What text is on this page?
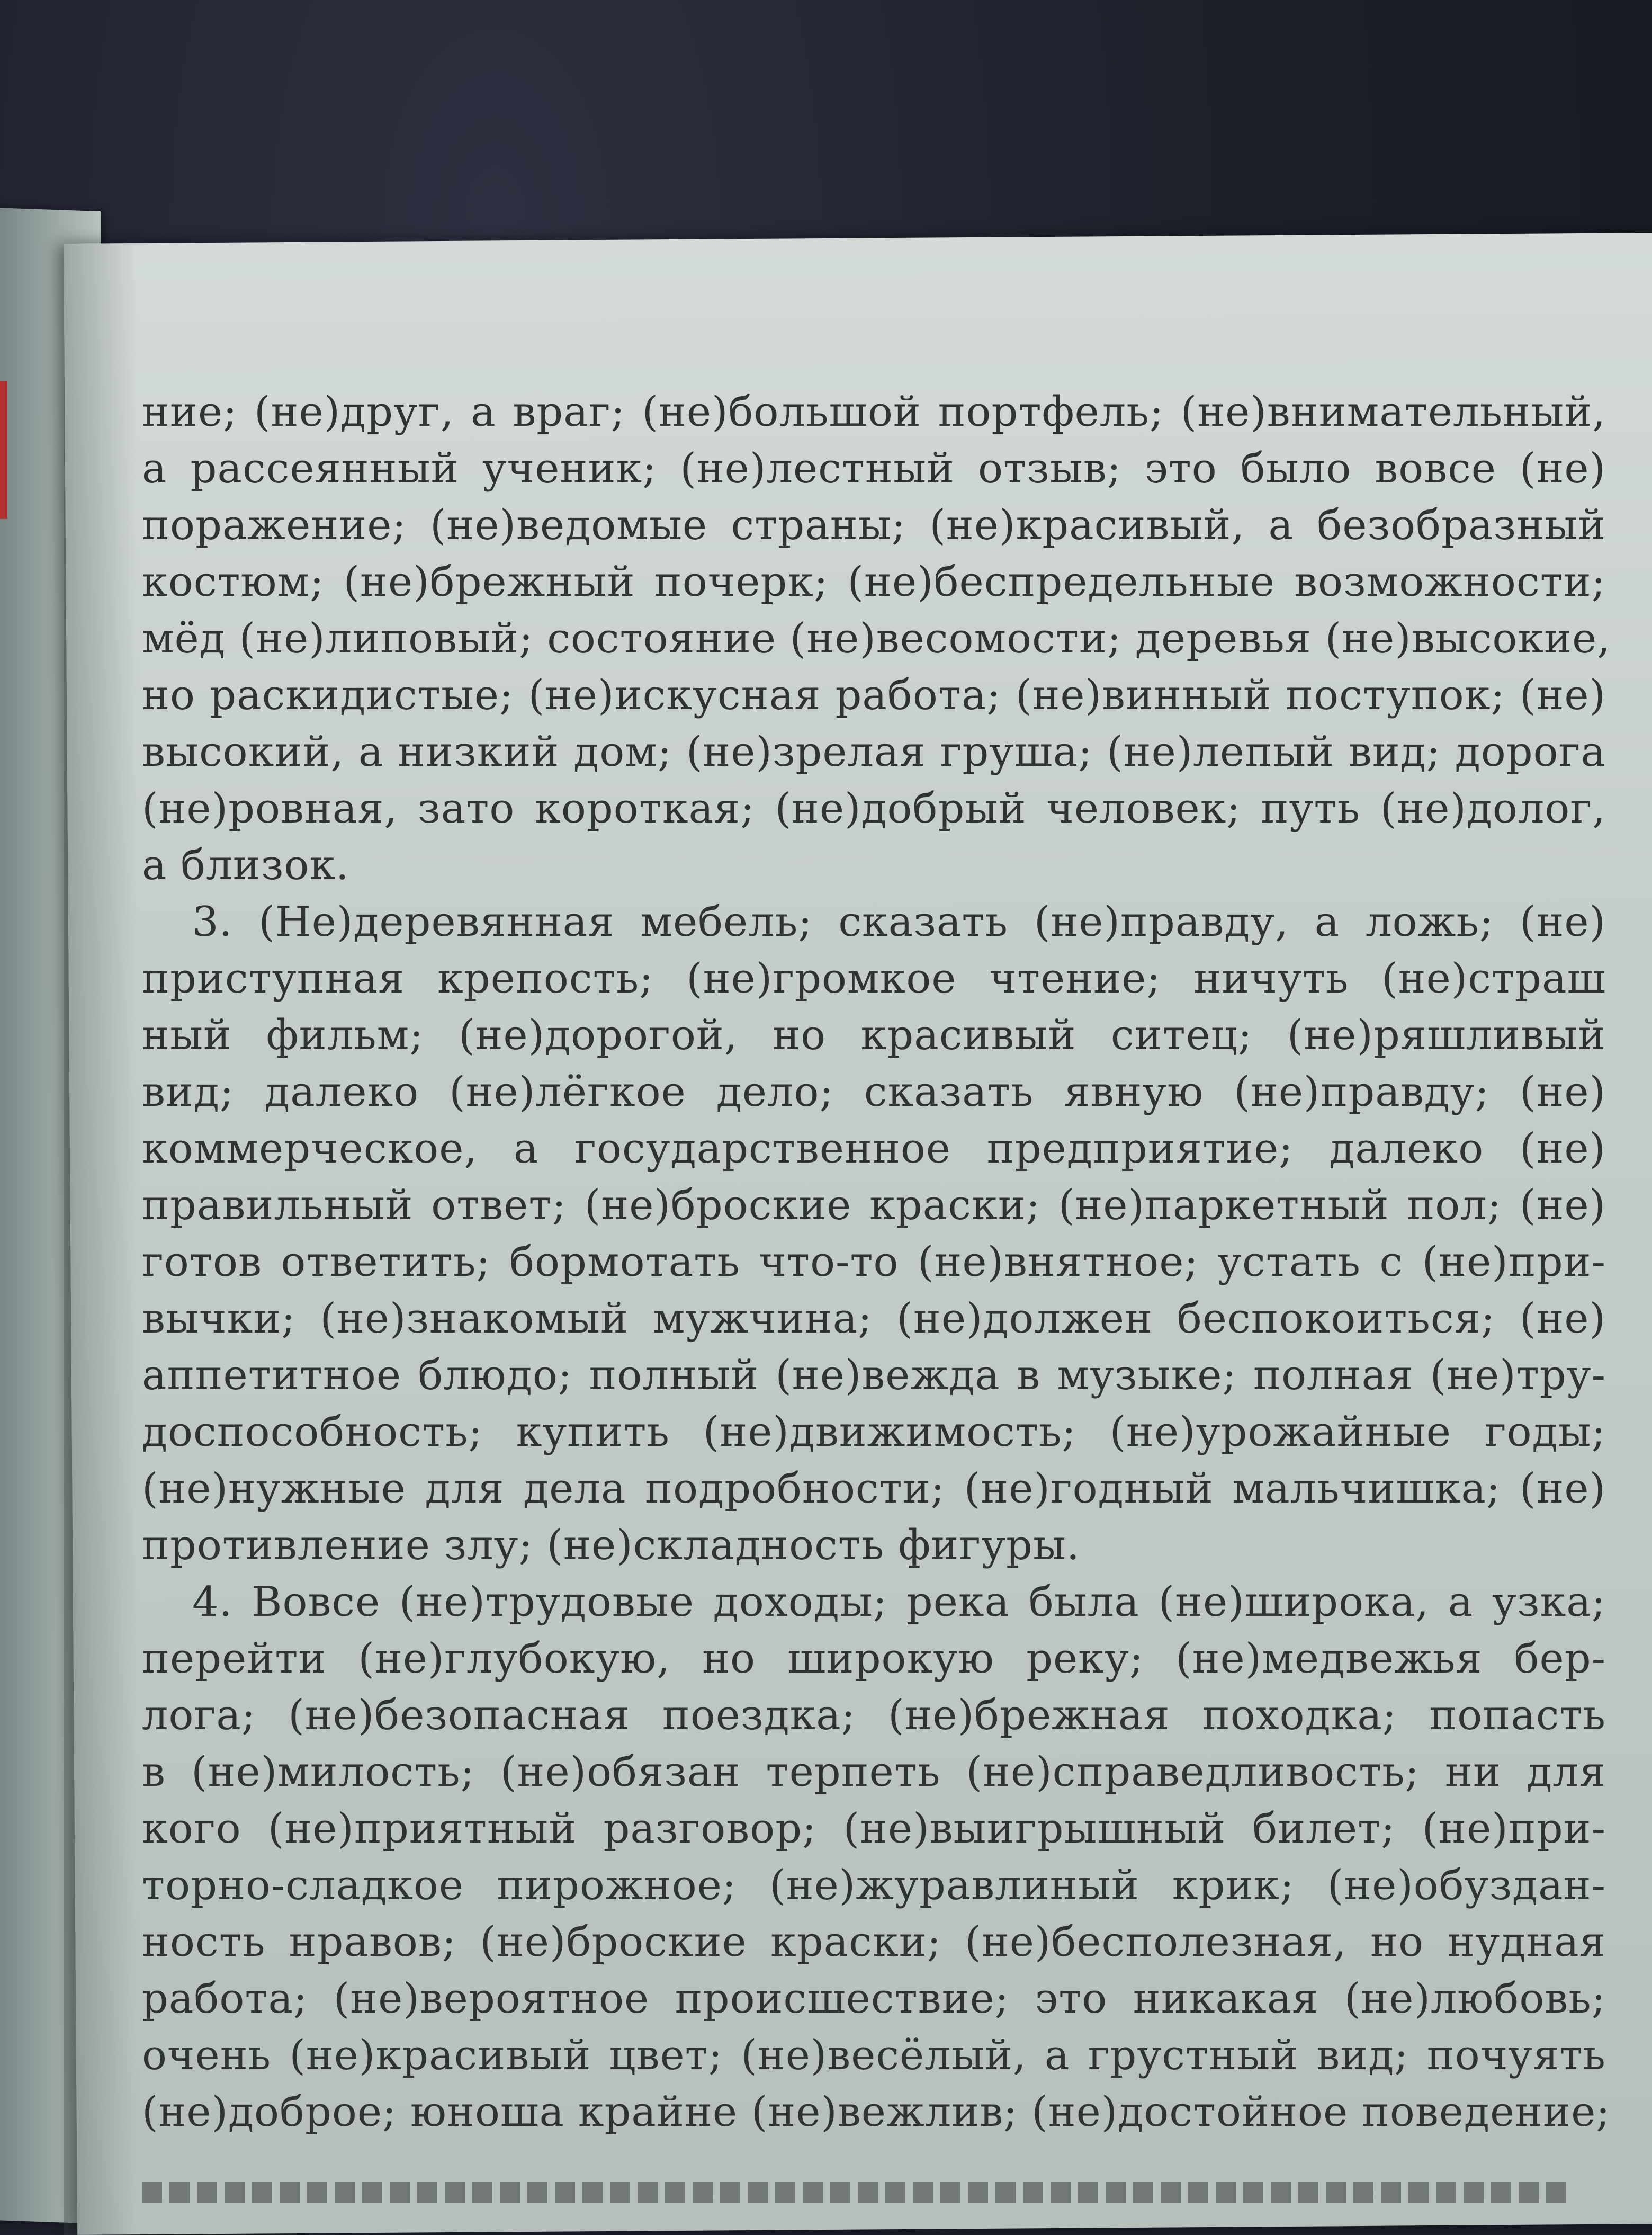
ние; (не)друг, а враг; (не)большой портфель; (не)внимательный,
а рассеянный ученик; (не)лестный отзыв; это было вовсе (не)
поражение; (не)ведомые страны; (не)красивый, а безобразный
костюм; (не)брежный почерк; (не)беспредельные возможности;
мёд (не)липовый; состояние (не)весомости; деревья (не)высокие,
но раскидистые; (не)искусная работа; (не)винный поступок; (не)
высокий, а низкий дом; (не)зрелая груша; (не)лепый вид; дорога
(не)ровная, зато короткая; (не)добрый человек; путь (не)долог,
а близок.
3. (Не)деревянная мебель; сказать (не)правду, а ложь; (не)
приступная крепость; (не)громкое чтение; ничуть (не)страш
ный фильм; (не)дорогой, но красивый ситец; (не)ряшливый
вид; далеко (не)лёгкое дело; сказать явную (не)правду; (не)
коммерческое, а государственное предприятие; далеко (не)
правильный ответ; (не)броские краски; (не)паркетный пол; (не)
готов ответить; бормотать что-то (не)внятное; устать с (не)при-
вычки; (не)знакомый мужчина; (не)должен беспокоиться; (не)
аппетитное блюдо; полный (не)вежда в музыке; полная (не)тру-
доспособность; купить (не)движимость; (не)урожайные годы;
(не)нужные для дела подробности; (не)годный мальчишка; (не)
противление злу; (не)складность фигуры.
4. Вовсе (не)трудовые доходы; река была (не)широка, а узка;
перейти (не)глубокую, но широкую реку; (не)медвежья бер-
лога; (не)безопасная поездка; (не)брежная походка; попасть
в (не)милость; (не)обязан терпеть (не)справедливость; ни для
кого (не)приятный разговор; (не)выигрышный билет; (не)при-
торно-сладкое пирожное; (не)журавлиный крик; (не)обуздан-
ность нравов; (не)броские краски; (не)бесполезная, но нудная
работа; (не)вероятное происшествие; это никакая (не)любовь;
очень (не)красивый цвет; (не)весёлый, а грустный вид; почуять
(не)доброе; юноша крайне (не)вежлив; (не)достойное поведение;
